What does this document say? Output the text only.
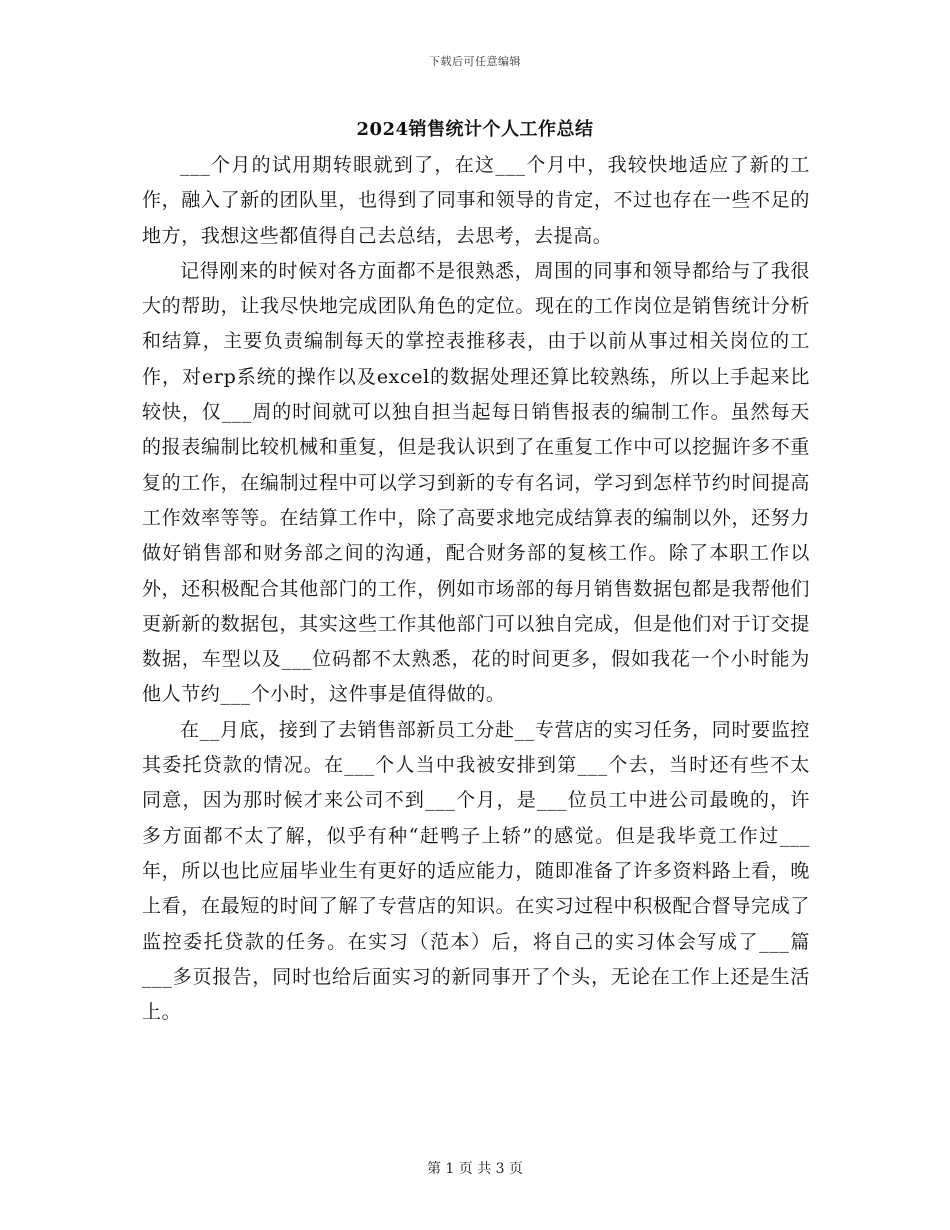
下载后可任意编辑
2024销售统计个人工作总结

___个月的试用期转眼就到了，在这___个月中，我较快地适应了新的工作，融入了新的团队里，也得到了同事和领导的肯定，不过也存在一些不足的地方，我想这些都值得自己去总结，去思考，去提高。

记得刚来的时候对各方面都不是很熟悉，周围的同事和领导都给与了我很大的帮助，让我尽快地完成团队角色的定位。现在的工作岗位是销售统计分析和结算，主要负责编制每天的掌控表推移表，由于以前从事过相关岗位的工作，对erp系统的操作以及excel的数据处理还算比较熟练，所以上手起来比较快，仅___周的时间就可以独自担当起每日销售报表的编制工作。虽然每天的报表编制比较机械和重复，但是我认识到了在重复工作中可以挖掘许多不重复的工作，在编制过程中可以学习到新的专有名词，学习到怎样节约时间提高工作效率等等。在结算工作中，除了高要求地完成结算表的编制以外，还努力做好销售部和财务部之间的沟通，配合财务部的复核工作。除了本职工作以外，还积极配合其他部门的工作，例如市场部的每月销售数据包都是我帮他们更新新的数据包，其实这些工作其他部门可以独自完成，但是他们对于订交提数据，车型以及___位码都不太熟悉，花的时间更多，假如我花一个小时能为他人节约___个小时，这件事是值得做的。

在__月底，接到了去销售部新员工分赴__专营店的实习任务，同时要监控其委托贷款的情况。在___个人当中我被安排到第___个去，当时还有些不太同意，因为那时候才来公司不到___个月，是___位员工中进公司最晚的，许多方面都不太了解，似乎有种“赶鸭子上轿”的感觉。但是我毕竟工作过___年，所以也比应届毕业生有更好的适应能力，随即准备了许多资料路上看，晚上看，在最短的时间了解了专营店的知识。在实习过程中积极配合督导完成了监控委托贷款的任务。在实习（范本）后，将自己的实习体会写成了___篇___多页报告，同时也给后面实习的新同事开了个头，无论在工作上还是生活上。

第 1 页 共 3 页
